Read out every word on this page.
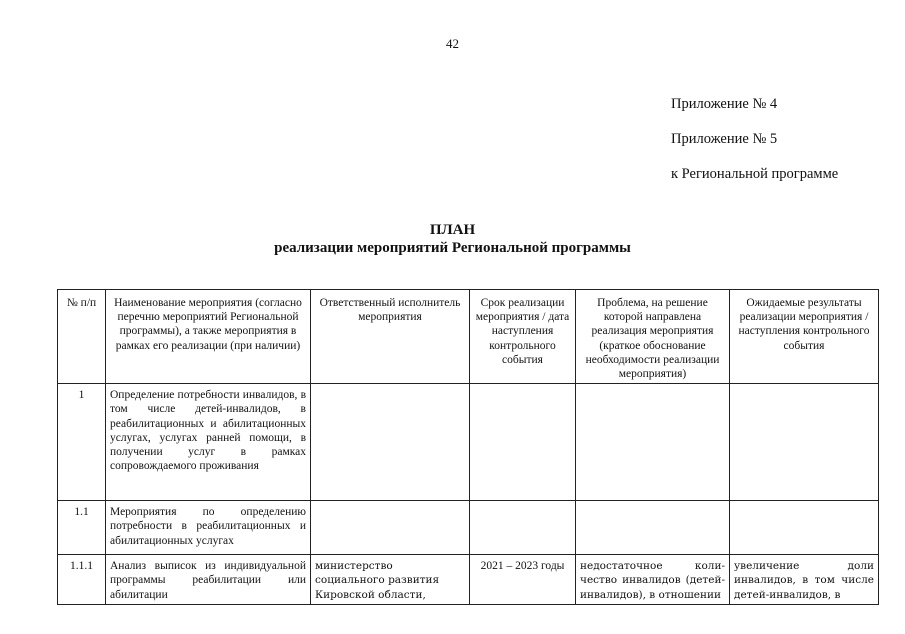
42
Приложение № 4
Приложение № 5
к Региональной программе
ПЛАН
реализации мероприятий Региональной программы
№ п/п	Наименование мероприятия (согласно перечню мероприятий Региональной программы), а также мероприятия в рамках его реализации (при наличии)	Ответственный исполнитель мероприятия	Срок реализации мероприятия / дата наступления контрольного события	Проблема, на решение которой направлена реализация мероприятия (краткое обоснование необходимости реализации мероприятия)	Ожидаемые результаты реализации мероприятия / наступления контрольного события
1	Определение потребности инвалидов, в том числе детей-инвалидов, в реабилитационных и абилитационных услугах, услугах ранней помощи, в получении услуг в рамках сопровождаемого проживания				
1.1	Мероприятия по определению потребности в реабилитационных и абилитационных услугах				
1.1.1	Анализ выписок из индивидуальной программы реабилитации или абилитации	министерство социального развития Кировской области,	2021 – 2023 годы	недостаточное коли-чество инвалидов (детей-инвалидов), в отношении	увеличение доли инвалидов, в том числе детей-инвалидов, в
